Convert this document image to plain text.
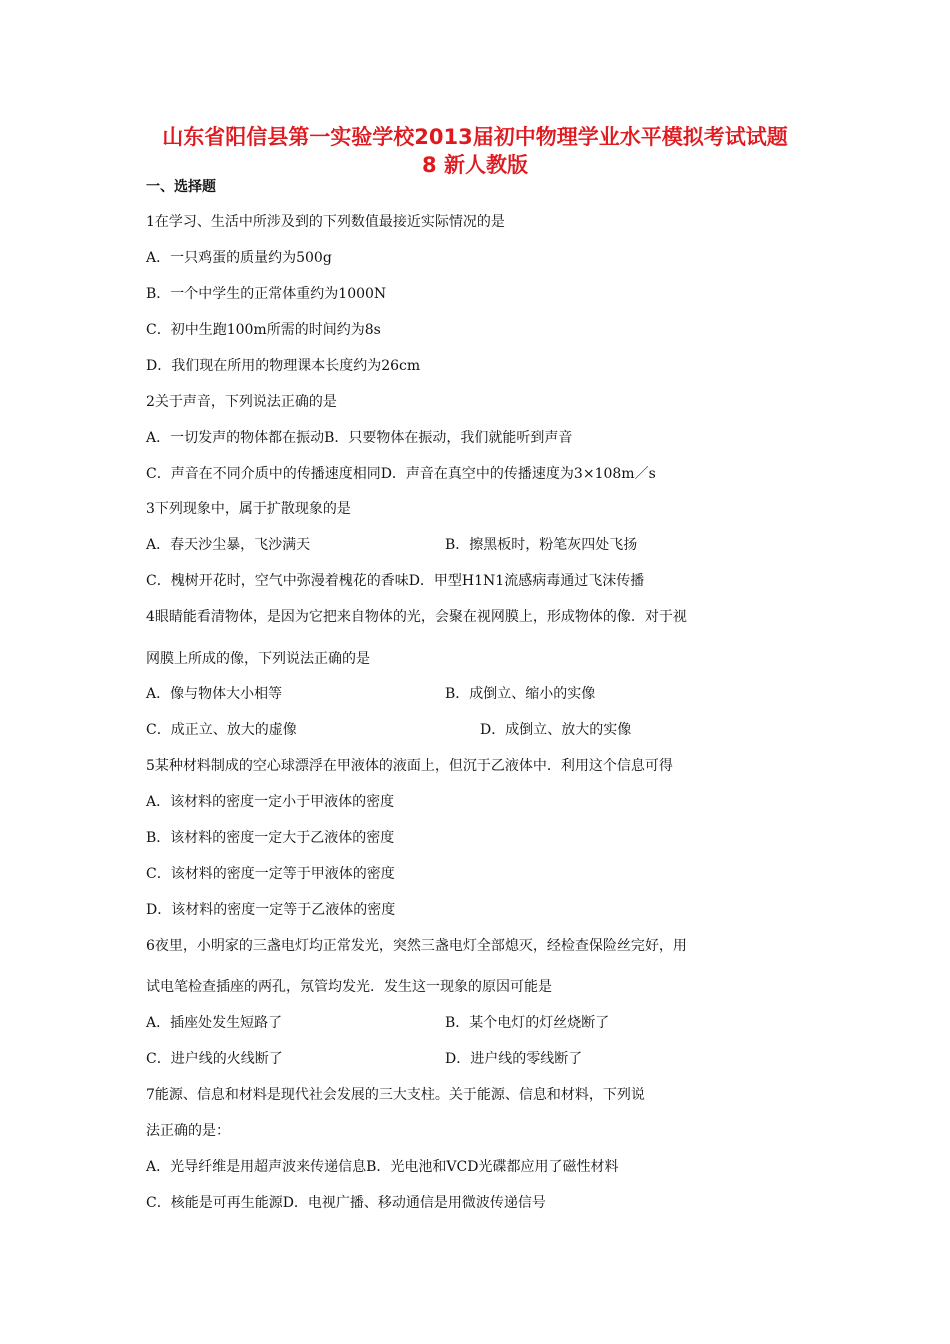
山东省阳信县第一实验学校2013届初中物理学业水平模拟考试试题
8 新人教版
一、选择题
1在学习、生活中所涉及到的下列数值最接近实际情况的是
A．一只鸡蛋的质量约为500g
B．一个中学生的正常体重约为1000N
C．初中生跑100m所需的时间约为8s
D．我们现在所用的物理课本长度约为26cm
2关于声音，下列说法正确的是
A．一切发声的物体都在振动B．只要物体在振动，我们就能听到声音
C．声音在不同介质中的传播速度相同D．声音在真空中的传播速度为3×108m／s
3下列现象中，属于扩散现象的是
A．春天沙尘暴，飞沙满天	B．擦黑板时，粉笔灰四处飞扬
C．槐树开花时，空气中弥漫着槐花的香味D．甲型H1N1流感病毒通过飞沫传播
4眼睛能看清物体，是因为它把来自物体的光，会聚在视网膜上，形成物体的像．对于视
网膜上所成的像，下列说法正确的是
A．像与物体大小相等	B．成倒立、缩小的实像
C．成正立、放大的虚像	D．成倒立、放大的实像
5某种材料制成的空心球漂浮在甲液体的液面上，但沉于乙液体中．利用这个信息可得
A．该材料的密度一定小于甲液体的密度
B．该材料的密度一定大于乙液体的密度
C．该材料的密度一定等于甲液体的密度
D．该材料的密度一定等于乙液体的密度
6夜里，小明家的三盏电灯均正常发光，突然三盏电灯全部熄灭，经检查保险丝完好，用
试电笔检查插座的两孔，氖管均发光．发生这一现象的原因可能是
A．插座处发生短路了	B．某个电灯的灯丝烧断了
C．进户线的火线断了	D．进户线的零线断了
7能源、信息和材料是现代社会发展的三大支柱。关于能源、信息和材料，下列说
法正确的是：
A．光导纤维是用超声波来传递信息B．光电池和VCD光碟都应用了磁性材料
C．核能是可再生能源D．电视广播、移动通信是用微波传递信号
